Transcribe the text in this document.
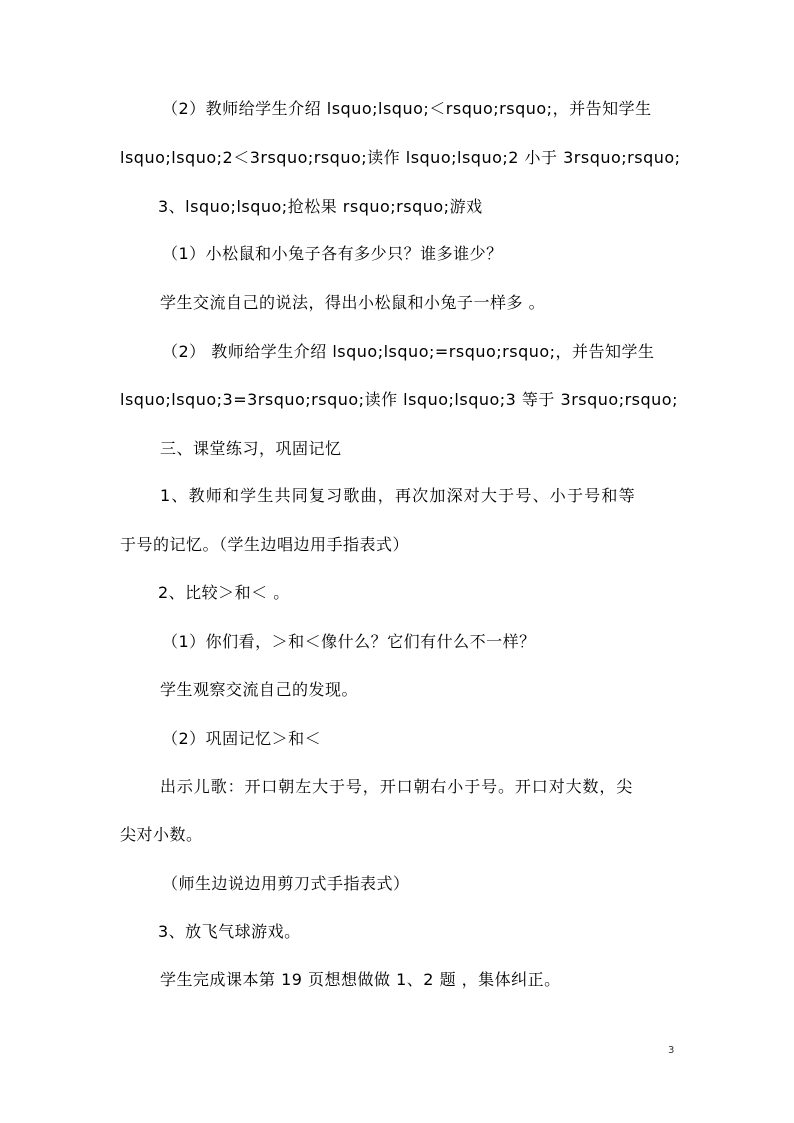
（2）教师给学生介绍 lsquo;lsquo;＜rsquo;rsquo;，并告知学生
lsquo;lsquo;2＜3rsquo;rsquo;读作 lsquo;lsquo;2 小于 3rsquo;rsquo;
3、lsquo;lsquo;抢松果 rsquo;rsquo;游戏
（1）小松鼠和小兔子各有多少只？谁多谁少？
学生交流自己的说法，得出小松鼠和小兔子一样多 。
（2） 教师给学生介绍 lsquo;lsquo;=rsquo;rsquo;，并告知学生
lsquo;lsquo;3=3rsquo;rsquo;读作 lsquo;lsquo;3 等于 3rsquo;rsquo;
三、课堂练习，巩固记忆
1、教师和学生共同复习歌曲，再次加深对大于号、小于号和等
于号的记忆。（学生边唱边用手指表式）
2、比较＞和＜ 。
（1）你们看，＞和＜像什么？它们有什么不一样？
学生观察交流自己的发现。
（2）巩固记忆＞和＜
出示儿歌：开口朝左大于号，开口朝右小于号。开口对大数，尖
尖对小数。
（师生边说边用剪刀式手指表式）
3、放飞气球游戏。
学生完成课本第 19 页想想做做 1、2 题 ，集体纠正。
3
